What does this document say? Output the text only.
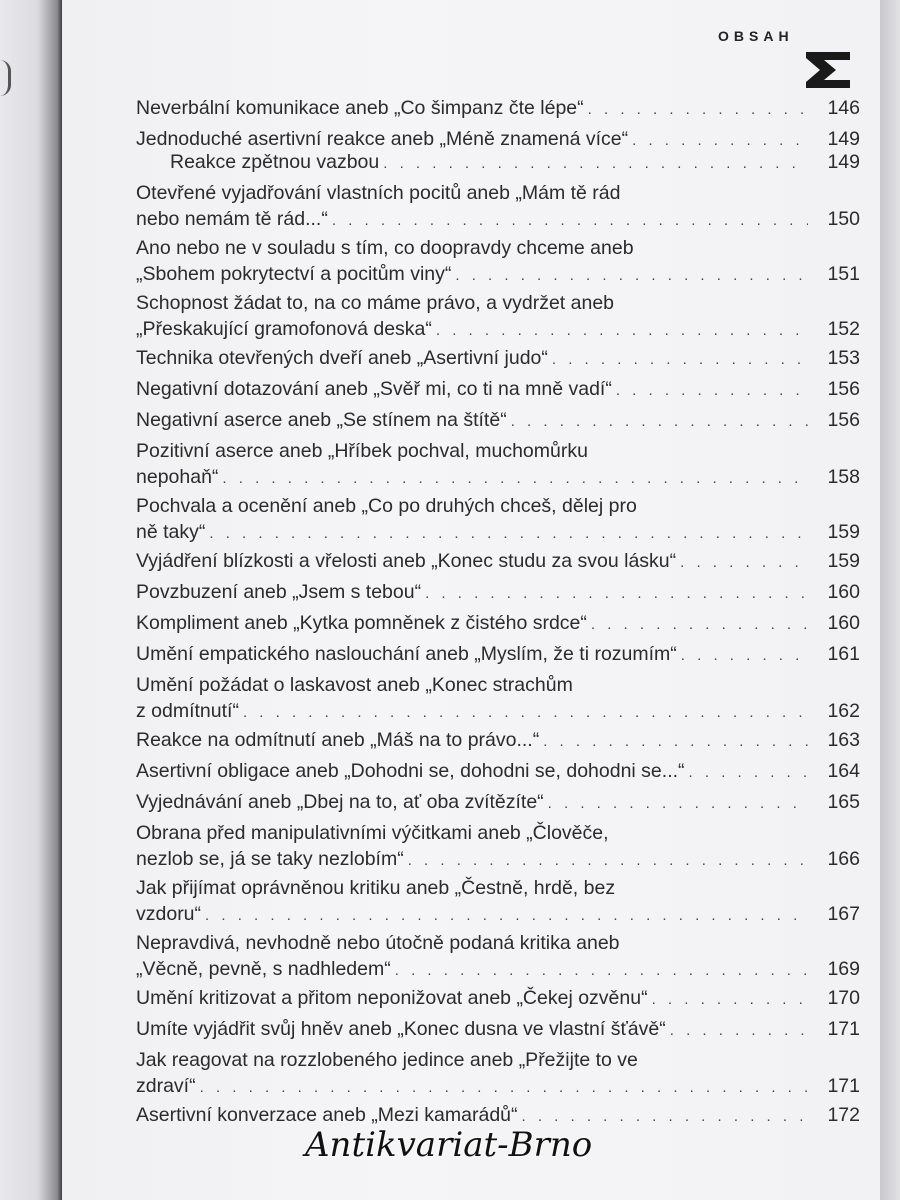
OBSAH
Neverbální komunikace aneb „Co šimpanz čte lépe“ . . .	146
Jednoduché asertivní reakce aneb „Méně znamená více“ . . .	149
Reakce zpětnou vazbou . . .	149
Otevřené vyjadřování vlastních pocitů aneb „Mám tě rád
nebo nemám tě rád...“ . . .	150
Ano nebo ne v souladu s tím, co doopravdy chceme aneb
„Sbohem pokrytectví a pocitům viny“ . . .	151
Schopnost žádat to, na co máme právo, a vydržet aneb
„Přeskakující gramofonová deska“ . . .	152
Technika otevřených dveří aneb „Asertivní judo“ . . .	153
Negativní dotazování aneb „Svěř mi, co ti na mně vadí“ . . .	156
Negativní aserce aneb „Se stínem na štítě“ . . .	156
Pozitivní aserce aneb „Hříbek pochval, muchomůrku
nepohaň“ . . .	158
Pochvala a ocenění aneb „Co po druhých chceš, dělej pro
ně taky“ . . .	159
Vyjádření blízkosti a vřelosti aneb „Konec studu za svou lásku“ . . .	159
Povzbuzení aneb „Jsem s tebou“ . . .	160
Kompliment aneb „Kytka pomněnek z čistého srdce“ . . .	160
Umění empatického naslouchání aneb „Myslím, že ti rozumím“ . . .	161
Umění požádat o laskavost aneb „Konec strachům
z odmítnutí“ . . .	162
Reakce na odmítnutí aneb „Máš na to právo...“ . . .	163
Asertivní obligace aneb „Dohodni se, dohodni se, dohodni se...“ . . .	164
Vyjednávání aneb „Dbej na to, ať oba zvítězíte“ . . .	165
Obrana před manipulativními výčitkami aneb „Člověče,
nezlob se, já se taky nezlobím“ . . .	166
Jak přijímat oprávněnou kritiku aneb „Čestně, hrdě, bez
vzdoru“ . . .	167
Nepravdivá, nevhodně nebo útočně podaná kritika aneb
„Věcně, pevně, s nadhledem“ . . .	169
Umění kritizovat a přitom neponižovat aneb „Čekej ozvěnu“ . . .	170
Umíte vyjádřit svůj hněv aneb „Konec dusna ve vlastní šťávě“ . . .	171
Jak reagovat na rozzlobeného jedince aneb „Přežijte to ve
zdraví“ . . .	171
Asertivní konverzace aneb „Mezi kamarádů“ . . .	172
Antikvariat-Brno
